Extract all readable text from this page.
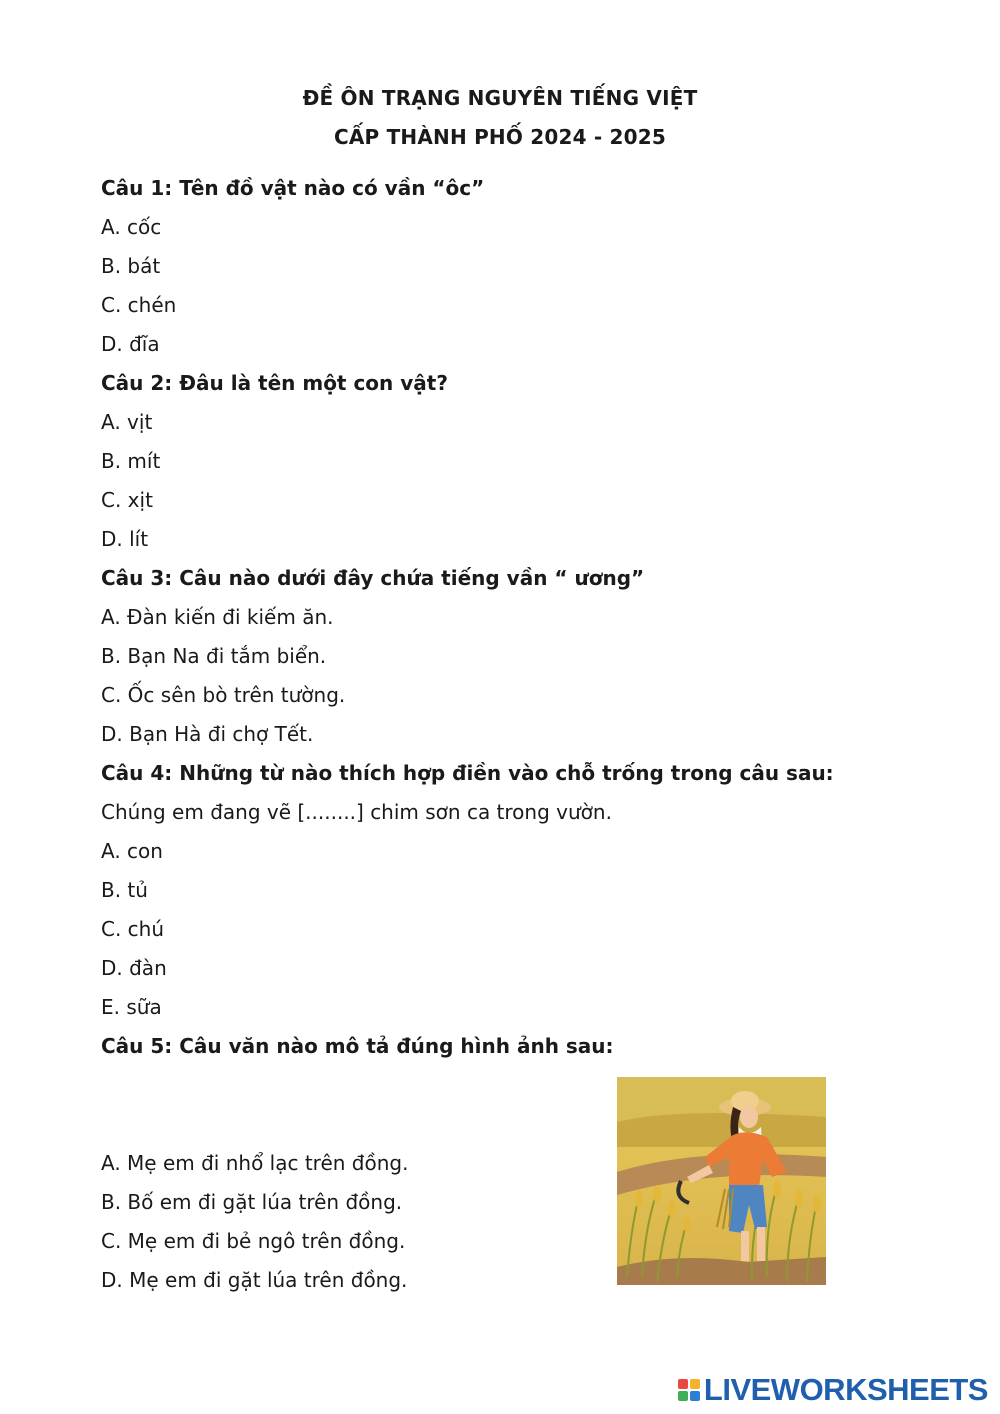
ĐỀ ÔN TRẠNG NGUYÊN TIẾNG VIỆT
CẤP THÀNH PHỐ 2024 - 2025
Câu 1: Tên đồ vật nào có vần “ôc”
A. cốc
B. bát
C. chén
D. đĩa
Câu 2: Đâu là tên một con vật?
A. vịt
B. mít
C. xịt
D. lít
Câu 3: Câu nào dưới đây chứa tiếng vần “ ương”
A. Đàn kiến đi kiếm ăn.
B. Bạn Na đi tắm biển.
C. Ốc sên bò trên tường.
D. Bạn Hà đi chợ Tết.
Câu 4: Những từ nào thích hợp điền vào chỗ trống trong câu sau:
Chúng em đang vẽ [........] chim sơn ca trong vườn.
A. con
B. tủ
C. chú
D. đàn
E. sữa
Câu 5: Câu văn nào mô tả đúng hình ảnh sau:
A. Mẹ em đi nhổ lạc trên đồng.
B. Bố em đi gặt lúa trên đồng.
C. Mẹ em đi bẻ ngô trên đồng.
D. Mẹ em đi gặt lúa trên đồng.
LIVEWORKSHEETS
